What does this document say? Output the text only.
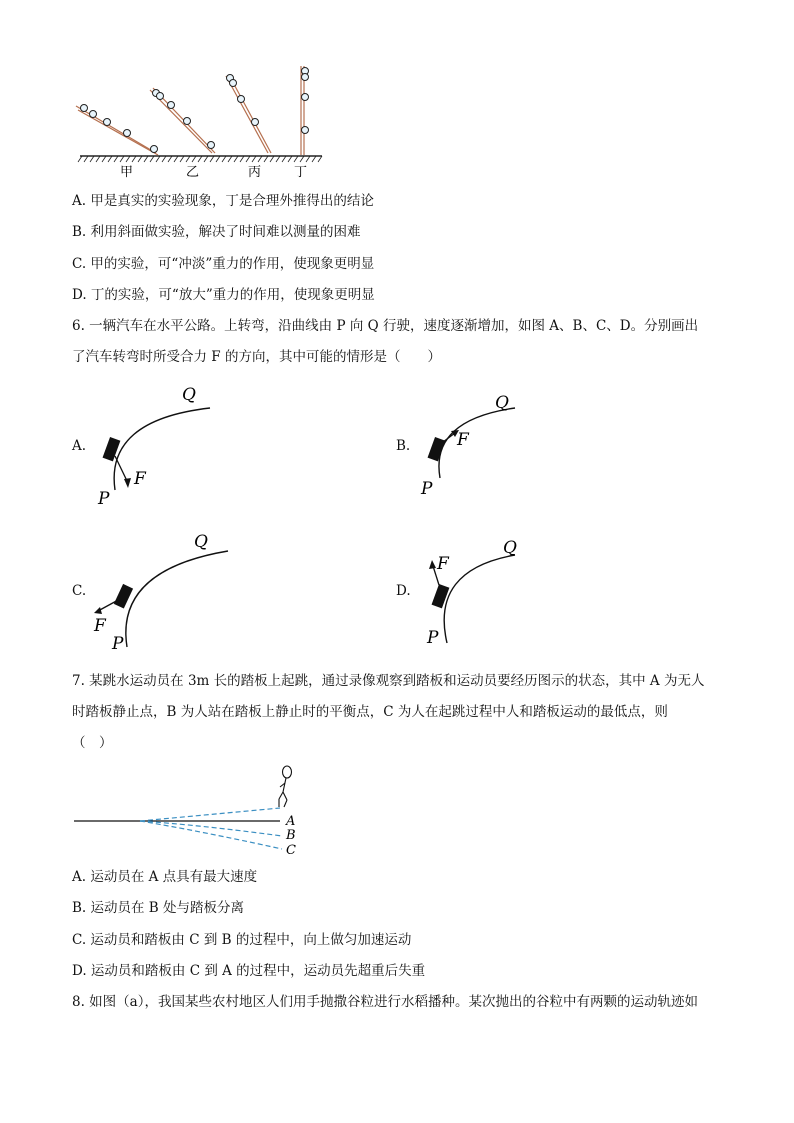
甲	乙	丙	丁
A. 甲是真实的实验现象，丁是合理外推得出的结论
B. 利用斜面做实验，解决了时间难以测量的困难
C. 甲的实验，可“冲淡”重力的作用，使现象更明显
D. 丁的实验，可“放大”重力的作用，使现象更明显
6. 一辆汽车在水平公路。上转弯，沿曲线由 P 向 Q 行驶，速度逐渐增加，如图 A、B、C、D。分别画出
了汽车转弯时所受合力 F 的方向，其中可能的情形是（　　）
A.	B.
C.	D.
F
P
Q
F
P
Q
F
P
Q
F
P
Q
7. 某跳水运动员在 3m 长的踏板上起跳，通过录像观察到踏板和运动员要经历图示的状态，其中 A 为无人
时踏板静止点，B 为人站在踏板上静止时的平衡点，C 为人在起跳过程中人和踏板运动的最低点，则
（　）
A
B
C
A. 运动员在 A 点具有最大速度
B. 运动员在 B 处与踏板分离
C. 运动员和踏板由 C 到 B 的过程中，向上做匀加速运动
D. 运动员和踏板由 C 到 A 的过程中，运动员先超重后失重
8. 如图（a），我国某些农村地区人们用手抛撒谷粒进行水稻播种。某次抛出的谷粒中有两颗的运动轨迹如
